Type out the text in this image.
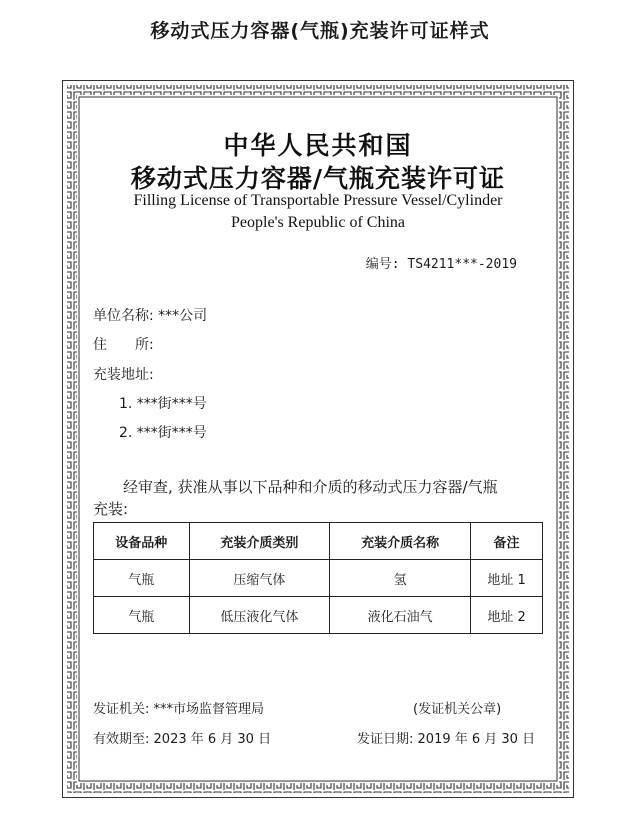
移动式压力容器(气瓶)充装许可证样式
中华人民共和国
移动式压力容器/气瓶充装许可证
Filling License of Transportable Pressure Vessel/Cylinder
People's Republic of China
编号: TS4211***-2019
单位名称: ***公司
住　　所:
充装地址:
1. ***街***号
2. ***街***号
经审查, 获准从事以下品种和介质的移动式压力容器/气瓶
充装:
设备品种	充装介质类别	充装介质名称	备注
气瓶	压缩气体	氢	地址 1
气瓶	低压液化气体	液化石油气	地址 2
发证机关: ***市场监督管理局	(发证机关公章)
有效期至: 2023 年 6 月 30 日	发证日期: 2019 年 6 月 30 日
